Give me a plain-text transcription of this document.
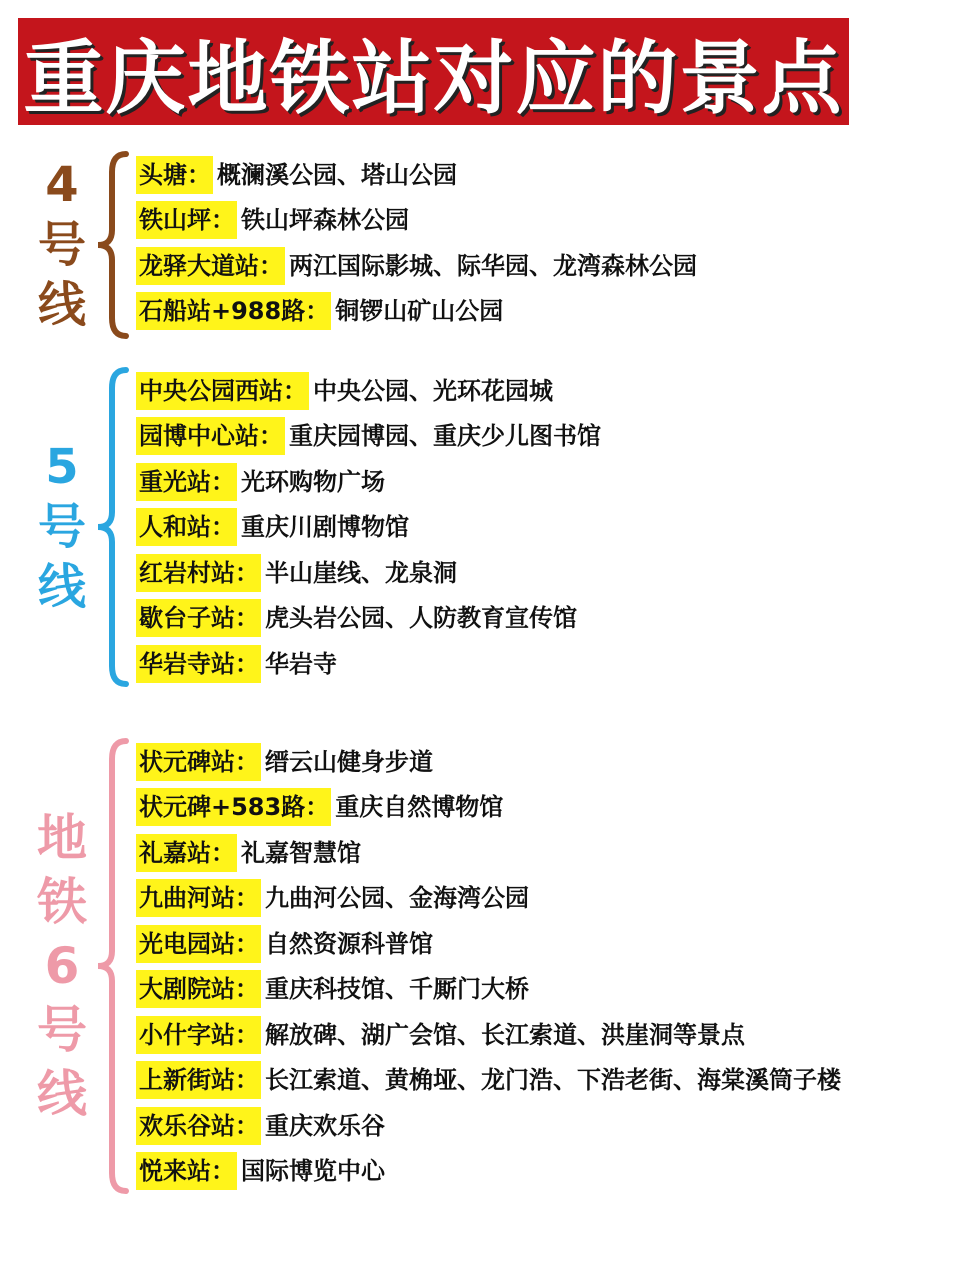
重庆地铁站对应的景点
4
号
线
头塘： 概澜溪公园、塔山公园
铁山坪： 铁山坪森林公园
龙驿大道站： 两江国际影城、际华园、龙湾森林公园
石船站+988路： 铜锣山矿山公园
5
号
线
中央公园西站： 中央公园、光环花园城
园博中心站： 重庆园博园、重庆少儿图书馆
重光站： 光环购物广场
人和站： 重庆川剧博物馆
红岩村站： 半山崖线、龙泉洞
歇台子站： 虎头岩公园、人防教育宣传馆
华岩寺站： 华岩寺
地
铁
6
号
线
状元碑站： 缙云山健身步道
状元碑+583路： 重庆自然博物馆
礼嘉站： 礼嘉智慧馆
九曲河站： 九曲河公园、金海湾公园
光电园站： 自然资源科普馆
大剧院站： 重庆科技馆、千厮门大桥
小什字站： 解放碑、湖广会馆、长江索道、洪崖洞等景点
上新街站： 长江索道、黄桷垭、龙门浩、下浩老街、海棠溪筒子楼
欢乐谷站： 重庆欢乐谷
悦来站： 国际博览中心
